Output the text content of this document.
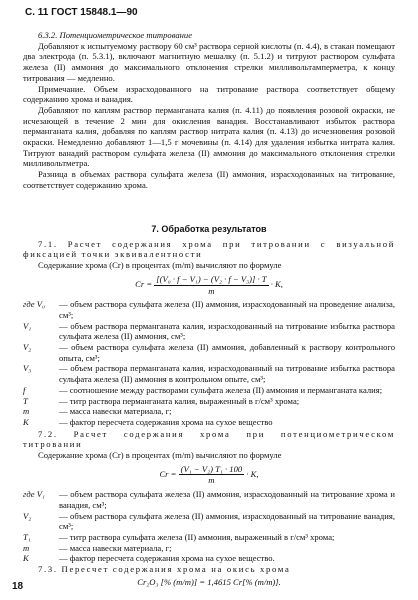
С. 11 ГОСТ 15848.1—90

6.3.2. Потенциометрическое титрование

Добавляют к испытуемому раствору 60 см³ раствора серной кислоты (п. 4.4), в стакан помещают два электрода (п. 5.3.1), включают магнитную мешалку (п. 5.1.2) и титруют раствором сульфата железа (II) аммония до максимального отклонения стрелки милливольтамперметра, к концу титрования — медленно.

Примечание. Объем израсходованного на титрование раствора соответствует общему содержанию хрома и ванадия.

Добавляют по каплям раствор перманганата калия (п. 4.11) до появления розовой окраски, не исчезающей в течение 2 мин для окисления ванадия. Восстанавливают избыток раствора перманганата калия, добавляя по каплям раствор нитрата калия (п. 4.13) до исчезновения розовой окраски. Немедленно добавляют 1—1,5 г мочевины (п. 4.14) для удаления избытка нитрата калия. Титруют ванадий раствором сульфата железа (II) аммония до максимального отклонения стрелки милливольтметра.

Разница в объемах раствора сульфата железа (II) аммония, израсходованных на титрование, соответствует содержанию хрома.

7. Обработка результатов

7.1. Расчет содержания хрома при титровании с визуальной фиксацией точки эквивалентности

Содержание хрома (Cr) в процентах (m/m) вычисляют по формуле

$Cr = \frac{\text{[(V₀ · f − V₁) − (V₂ · f − V₃)] · T}}{m} \cdot K$,
где V₀	— объем раствора сульфата железа (II) аммония, израсходованный на проведение анализа, см³;
V₁	— объем раствора перманганата калия, израсходованный на титрование избытка раствора сульфата железа (II) аммония, см³;
V₂	— объем раствора сульфата железа (II) аммония, добавленный к раствору контрольного опыта, см³;
V₃	— объем раствора перманганата калия, израсходованный на титрование избытка раствора сульфата железа (II) аммония в контрольном опыте, см³;
f	— соотношение между растворами сульфата железа (II) аммония и перманганата калия;
T	— титр раствора перманганата калия, выраженный в г/см³ хрома;
m	— масса навески материала, г;
K	— фактор пересчета содержания хрома на сухое вещество

7.2. Расчет содержания хрома при потенциометрическом титровании

Содержание хрома (Cr) в процентах (m/m) вычисляют по формуле

$Cr = \frac{\text{(V₁ − V₂) T₁ · 100}}{m} \cdot K$,
где V₁	— объем раствора сульфата железа (II) аммония, израсходованный на титрование хрома и ванадия, см³;
V₂	— объем раствора сульфата железа (II) аммония, израсходованный на титрование ванадия, см³;
T₁	— титр раствора сульфата железа (II) аммония, выраженный в г/см³ хрома;
m	— масса навески материала, г;
K	— фактор пересчета содержания хрома на сухое вещество.

7.3. Пересчет содержания хрома на окись хрома

Cr₂O₃ [% (m/m)] = 1,4615 Cr[% (m/m)].
18
